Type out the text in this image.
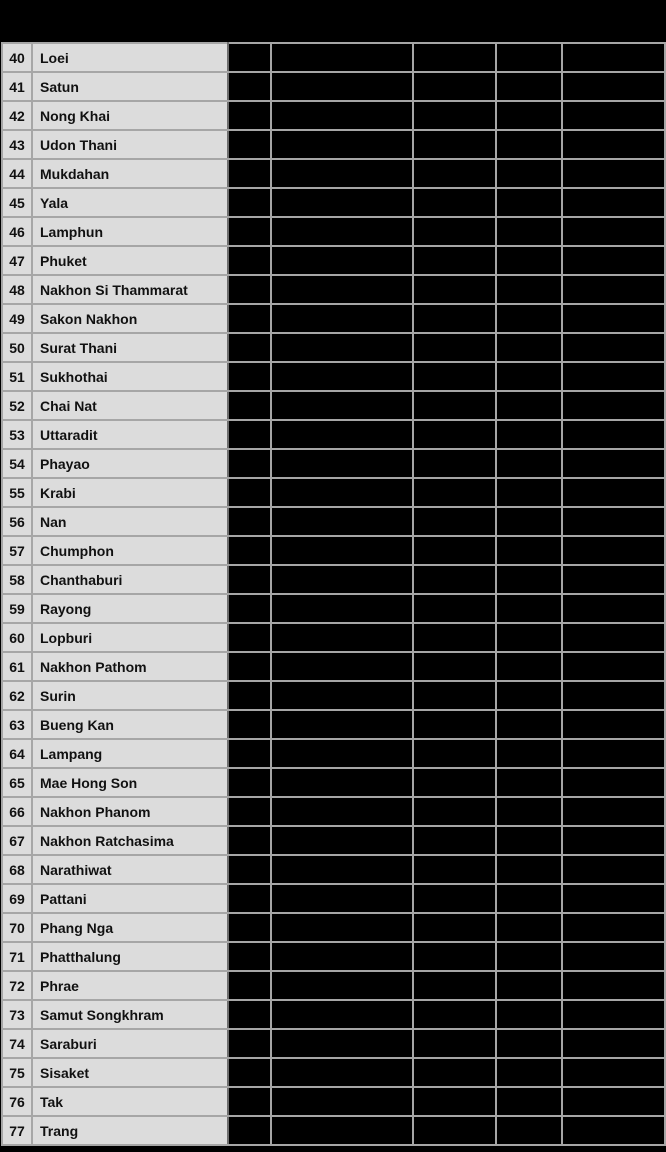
40	Loei					
41	Satun					
42	Nong Khai					
43	Udon Thani					
44	Mukdahan					
45	Yala					
46	Lamphun					
47	Phuket					
48	Nakhon Si Thammarat					
49	Sakon Nakhon					
50	Surat Thani					
51	Sukhothai					
52	Chai Nat					
53	Uttaradit					
54	Phayao					
55	Krabi					
56	Nan					
57	Chumphon					
58	Chanthaburi					
59	Rayong					
60	Lopburi					
61	Nakhon Pathom					
62	Surin					
63	Bueng Kan					
64	Lampang					
65	Mae Hong Son					
66	Nakhon Phanom					
67	Nakhon Ratchasima					
68	Narathiwat					
69	Pattani					
70	Phang Nga					
71	Phatthalung					
72	Phrae					
73	Samut Songkhram					
74	Saraburi					
75	Sisaket					
76	Tak					
77	Trang					
